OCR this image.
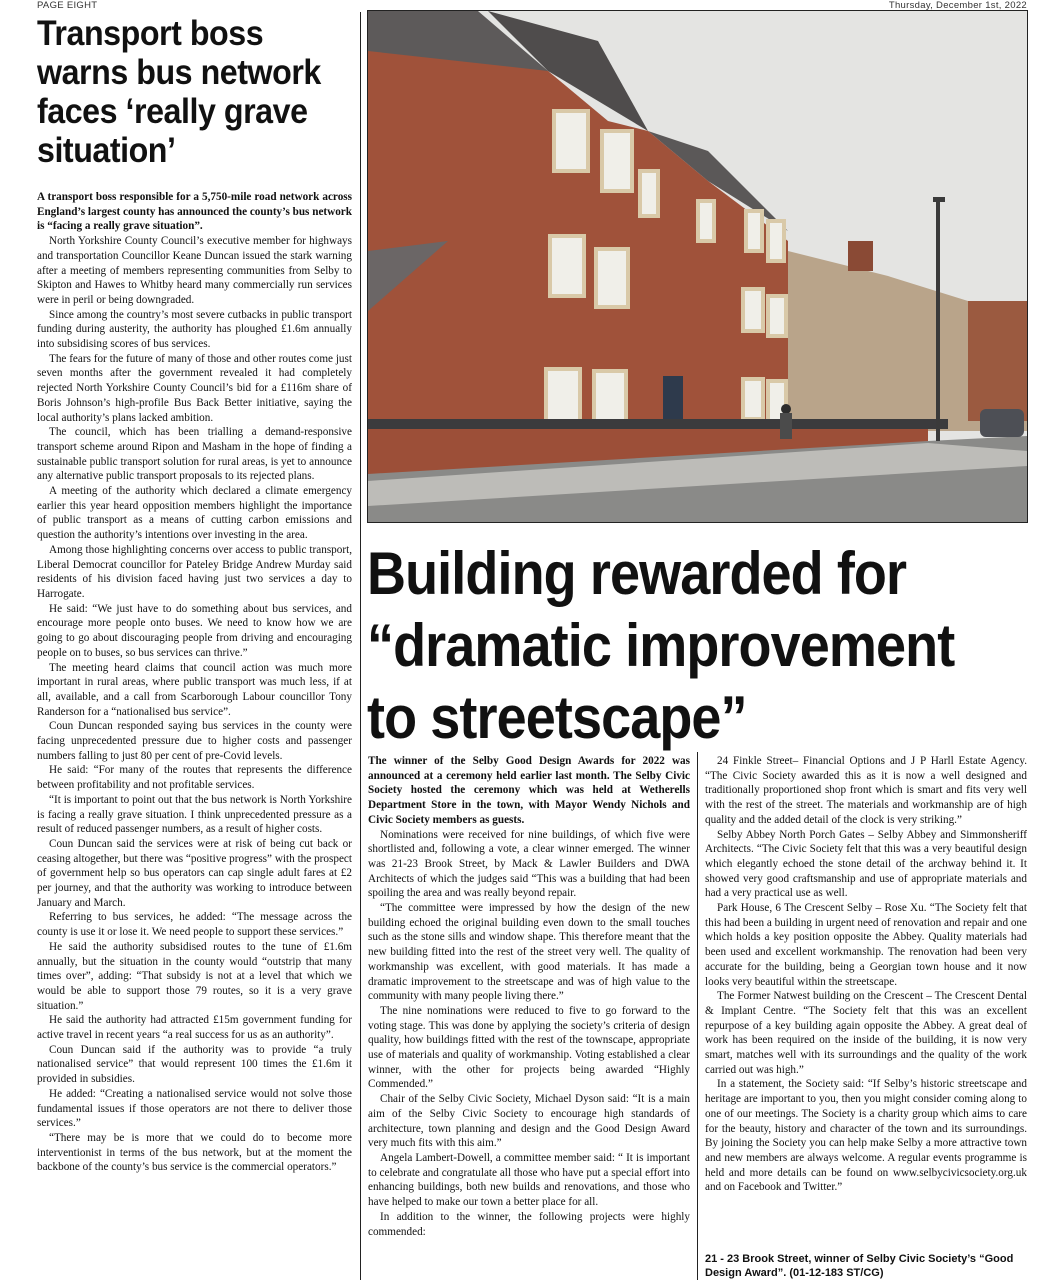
PAGE EIGHT	Thursday, December 1st, 2022
Transport boss warns bus network faces ‘really grave situation’

A transport boss responsible for a 5,750-mile road network across England’s largest county has announced the county’s bus network is “facing a really grave situation”.

North Yorkshire County Council’s executive member for highways and transportation Councillor Keane Duncan issued the stark warning after a meeting of members representing communities from Selby to Skipton and Hawes to Whitby heard many commercially run services were in peril or being downgraded.

Since among the country’s most severe cutbacks in public transport funding during austerity, the authority has ploughed £1.6m annually into subsidising scores of bus services.

The fears for the future of many of those and other routes come just seven months after the government revealed it had completely rejected North Yorkshire County Council’s bid for a £116m share of Boris Johnson’s high-profile Bus Back Better initiative, saying the local authority’s plans lacked ambition.

The council, which has been trialling a demand-responsive transport scheme around Ripon and Masham in the hope of finding a sustainable public transport solution for rural areas, is yet to announce any alternative public transport proposals to its rejected plans.

A meeting of the authority which declared a climate emergency earlier this year heard opposition members highlight the importance of public transport as a means of cutting carbon emissions and question the authority’s intentions over investing in the area.

Among those highlighting concerns over access to public transport, Liberal Democrat councillor for Pateley Bridge Andrew Murday said residents of his division faced having just two services a day to Harrogate.

He said: “We just have to do something about bus services, and encourage more people onto buses. We need to know how we are going to go about discouraging people from driving and encouraging people on to buses, so bus services can thrive.”

The meeting heard claims that council action was much more important in rural areas, where public transport was much less, if at all, available, and a call from Scarborough Labour councillor Tony Randerson for a “nationalised bus service”.

Coun Duncan responded saying bus services in the county were facing unprecedented pressure due to higher costs and passenger numbers falling to just 80 per cent of pre-Covid levels.

He said: “For many of the routes that represents the difference between profitability and not profitable services.

“It is important to point out that the bus network is North Yorkshire is facing a really grave situation. I think unprecedented pressure as a result of reduced passenger numbers, as a result of higher costs.

Coun Duncan said the services were at risk of being cut back or ceasing altogether, but there was “positive progress” with the prospect of government help so bus operators can cap single adult fares at £2 per journey, and that the authority was working to introduce between January and March.

Referring to bus services, he added: “The message across the county is use it or lose it. We need people to support these services.”

He said the authority subsidised routes to the tune of £1.6m annually, but the situation in the county would “outstrip that many times over”, adding: “That subsidy is not at a level that which we would be able to support those 79 routes, so it is a very grave situation.”

He said the authority had attracted £15m government funding for active travel in recent years “a real success for us as an authority”.

Coun Duncan said if the authority was to provide “a truly nationalised service” that would represent 100 times the £1.6m it provided in subsidies.

He added: “Creating a nationalised service would not solve those fundamental issues if those operators are not there to deliver those services.”

“There may be is more that we could do to become more interventionist in terms of the bus network, but at the moment the backbone of the county’s bus service is the commercial operators.”

Building rewarded for
“dramatic improvement
to streetscape”

The winner of the Selby Good Design Awards for 2022 was announced at a ceremony held earlier last month. The Selby Civic Society hosted the ceremony which was held at Wetherells Department Store in the town, with Mayor Wendy Nichols and Civic Society members as guests.

Nominations were received for nine buildings, of which five were shortlisted and, following a vote, a clear winner emerged. The winner was 21-23 Brook Street, by Mack & Lawler Builders and DWA Architects of which the judges said “This was a building that had been spoiling the area and was really beyond repair.

“The committee were impressed by how the design of the new building echoed the original building even down to the small touches such as the stone sills and window shape. This therefore meant that the new building fitted into the rest of the street very well. The quality of workmanship was excellent, with good materials. It has made a dramatic improvement to the streetscape and was of high value to the community with many people living there.”

The nine nominations were reduced to five to go forward to the voting stage. This was done by applying the society’s criteria of design quality, how buildings fitted with the rest of the townscape, appropriate use of materials and quality of workmanship. Voting established a clear winner, with the other for projects being awarded “Highly Commended.”

Chair of the Selby Civic Society, Michael Dyson said: “It is a main aim of the Selby Civic Society to encourage high standards of architecture, town planning and design and the Good Design Award very much fits with this aim.”

Angela Lambert-Dowell, a committee member said: “ It is important to celebrate and congratulate all those who have put a special effort into enhancing buildings, both new builds and renovations, and those who have helped to make our town a better place for all.

In addition to the winner, the following projects were highly commended:

24 Finkle Street– Financial Options and J P Harll Estate Agency. “The Civic Society awarded this as it is now a well designed and traditionally proportioned shop front which is smart and fits very well with the rest of the street. The materials and workmanship are of high quality and the added detail of the clock is very striking.”

Selby Abbey North Porch Gates – Selby Abbey and Simmonsheriff Architects. “The Civic Society felt that this was a very beautiful design which elegantly echoed the stone detail of the archway behind it. It showed very good craftsmanship and use of appropriate materials and had a very practical use as well.

Park House, 6 The Crescent Selby – Rose Xu. “The Society felt that this had been a building in urgent need of renovation and repair and one which holds a key position opposite the Abbey. Quality materials had been used and excellent workmanship. The renovation had been very accurate for the building, being a Georgian town house and it now looks very beautiful within the streetscape.

The Former Natwest building on the Crescent – The Crescent Dental & Implant Centre. “The Society felt that this was an excellent repurpose of a key building again opposite the Abbey. A great deal of work has been required on the inside of the building, it is now very smart, matches well with its surroundings and the quality of the work carried out was high.”

In a statement, the Society said: “If Selby’s historic streetscape and heritage are important to you, then you might consider coming along to one of our meetings. The Society is a charity group which aims to care for the beauty, history and character of the town and its surroundings. By joining the Society you can help make Selby a more attractive town and new members are always welcome. A regular events programme is held and more details can be found on www.selbycivicsociety.org.uk and on Facebook and Twitter.”

21 - 23 Brook Street, winner of Selby Civic Society’s “Good Design Award”. (01-12-183 ST/CG)
